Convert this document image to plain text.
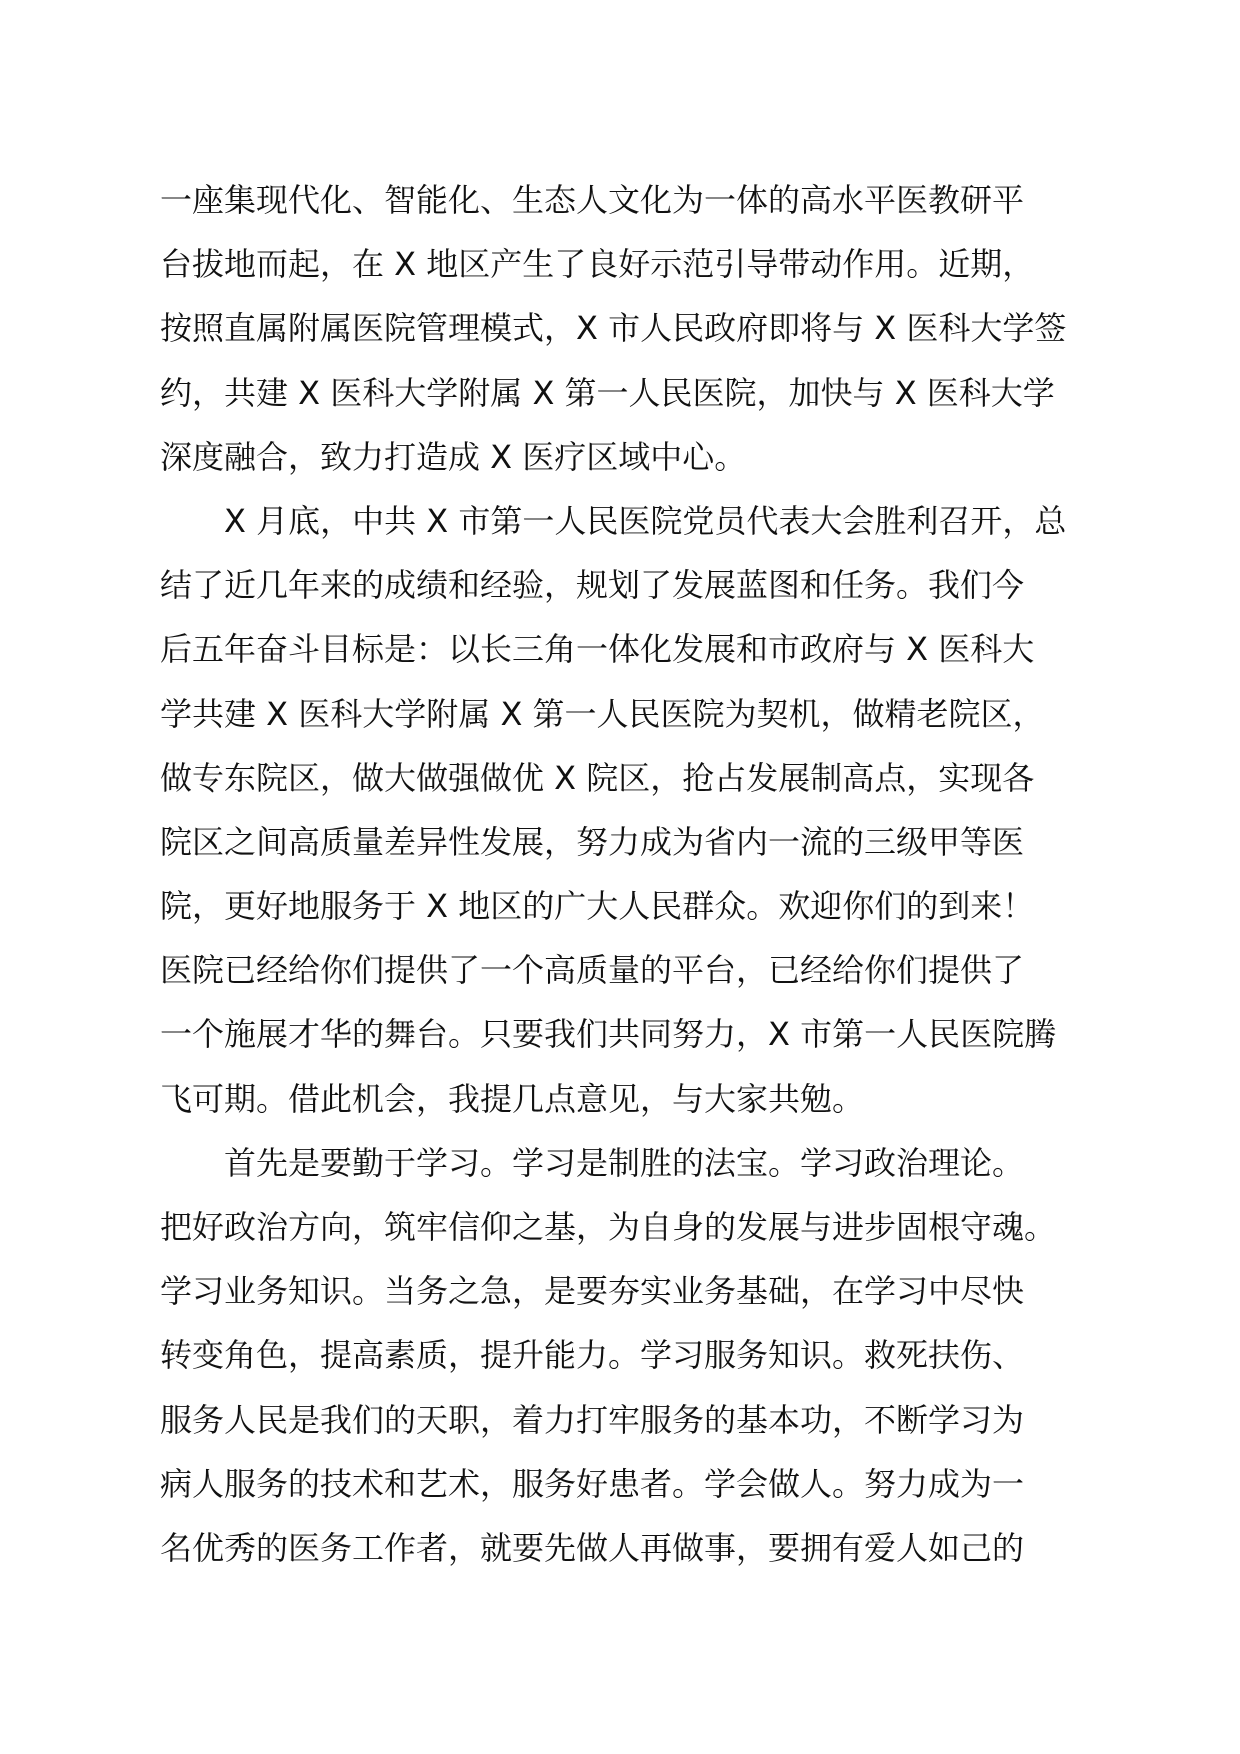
一座集现代化、智能化、生态人文化为一体的高水平医教研平
台拔地而起，在 X 地区产生了良好示范引导带动作用。近期，
按照直属附属医院管理模式，X 市人民政府即将与 X 医科大学签
约，共建 X 医科大学附属 X 第一人民医院，加快与 X 医科大学
深度融合，致力打造成 X 医疗区域中心。
X 月底，中共 X 市第一人民医院党员代表大会胜利召开，总
结了近几年来的成绩和经验，规划了发展蓝图和任务。我们今
后五年奋斗目标是：以长三角一体化发展和市政府与 X 医科大
学共建 X 医科大学附属 X 第一人民医院为契机，做精老院区，
做专东院区，做大做强做优 X 院区，抢占发展制高点，实现各
院区之间高质量差异性发展，努力成为省内一流的三级甲等医
院，更好地服务于 X 地区的广大人民群众。欢迎你们的到来！
医院已经给你们提供了一个高质量的平台，已经给你们提供了
一个施展才华的舞台。只要我们共同努力，X 市第一人民医院腾
飞可期。借此机会，我提几点意见，与大家共勉。
首先是要勤于学习。学习是制胜的法宝。学习政治理论。
把好政治方向，筑牢信仰之基，为自身的发展与进步固根守魂。
学习业务知识。当务之急，是要夯实业务基础，在学习中尽快
转变角色，提高素质，提升能力。学习服务知识。救死扶伤、
服务人民是我们的天职，着力打牢服务的基本功，不断学习为
病人服务的技术和艺术，服务好患者。学会做人。努力成为一
名优秀的医务工作者，就要先做人再做事，要拥有爱人如己的
